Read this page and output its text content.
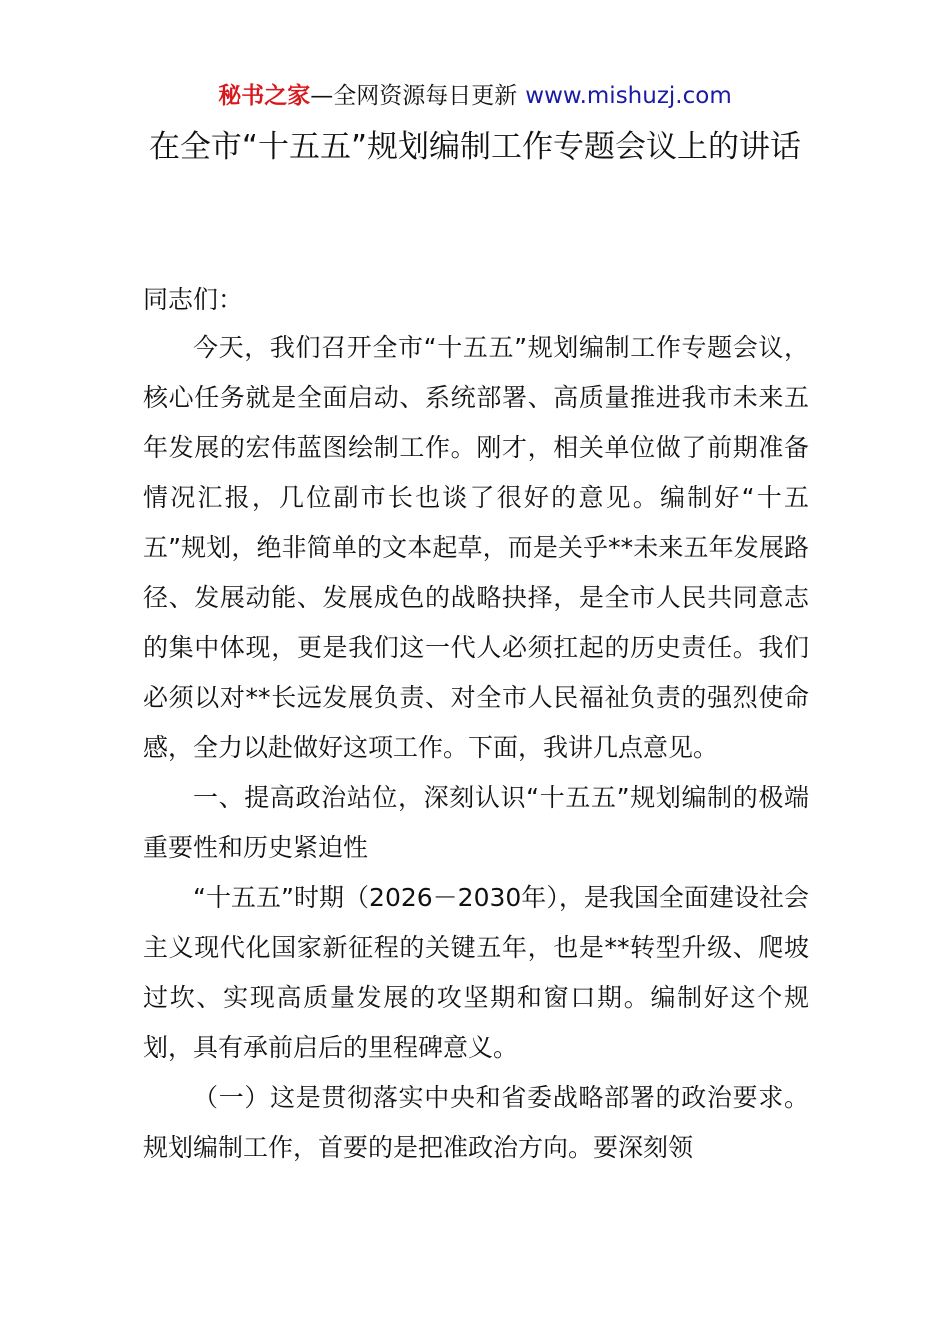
秘书之家—全网资源每日更新 www.mishuzj.com
在全市“十五五”规划编制工作专题会议上的讲话

同志们：

今天，我们召开全市“十五五”规划编制工作专题会议，核心任务就是全面启动、系统部署、高质量推进我市未来五年发展的宏伟蓝图绘制工作。刚才，相关单位做了前期准备情况汇报，几位副市长也谈了很好的意见。编制好“十五五”规划，绝非简单的文本起草，而是关乎**未来五年发展路径、发展动能、发展成色的战略抉择，是全市人民共同意志的集中体现，更是我们这一代人必须扛起的历史责任。我们必须以对**长远发展负责、对全市人民福祉负责的强烈使命感，全力以赴做好这项工作。下面，我讲几点意见。

一、提高政治站位，深刻认识“十五五”规划编制的极端重要性和历史紧迫性

“十五五”时期（2026－2030年），是我国全面建设社会主义现代化国家新征程的关键五年，也是**转型升级、爬坡过坎、实现高质量发展的攻坚期和窗口期。编制好这个规划，具有承前启后的里程碑意义。

（一）这是贯彻落实中央和省委战略部署的政治要求。规划编制工作，首要的是把准政治方向。要深刻领
